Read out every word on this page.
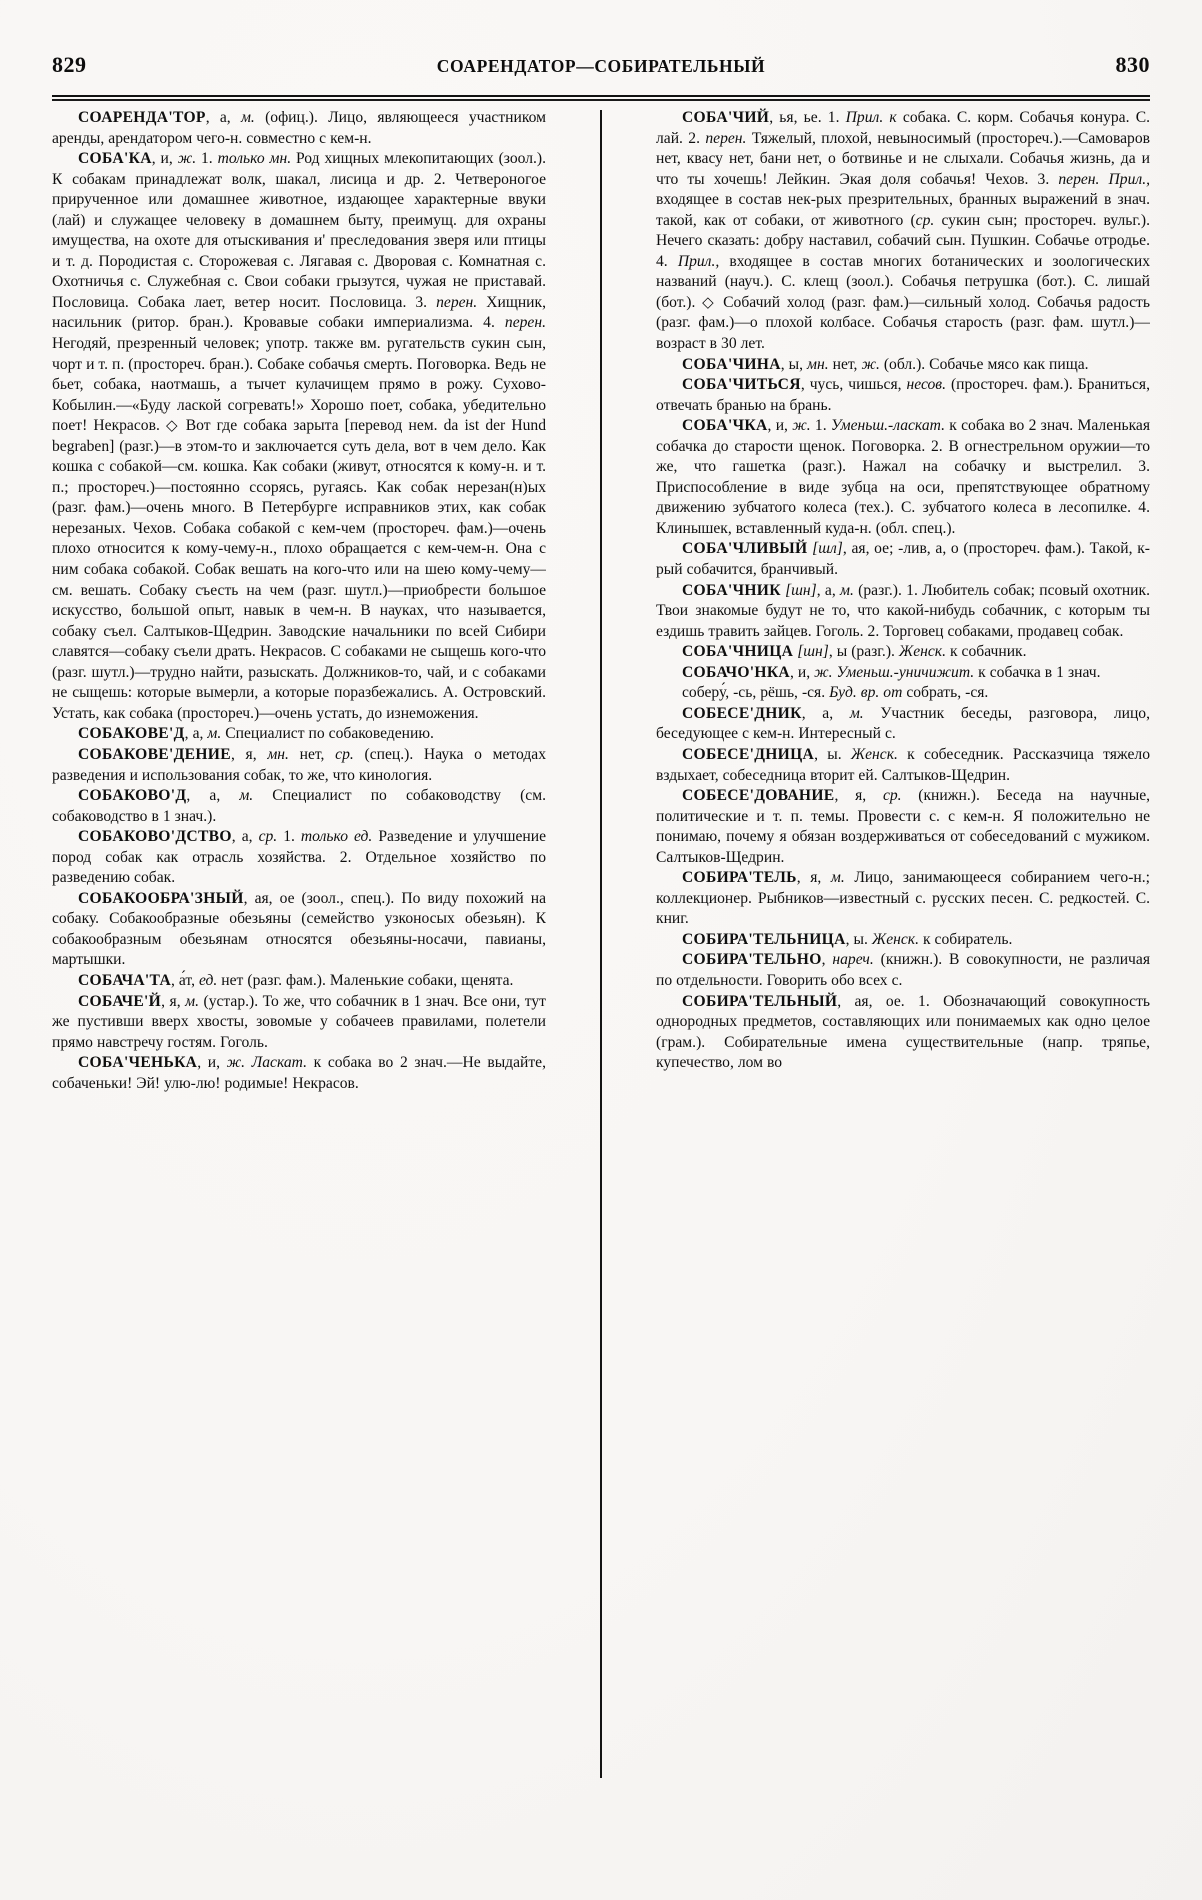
829	СОАРЕНДАТОР—СОБИРАТЕЛЬНЫЙ	830

СОАРЕНДА'ТОР, а, м. (офиц.). Лицо, являющееся участником аренды, арендатором чего-н. совместно с кем-н.

СОБА'КА, и, ж. 1. только мн. Род хищных млекопитающих (зоол.). К собакам принадлежат волк, шакал, лисица и др. 2. Четвероногое прирученное или домашнее животное, издающее характерные ввуки (лай) и служащее человеку в домашнем быту, преимущ. для охраны имущества, на охоте для отыскивания и' преследования зверя или птицы и т. д. Породистая с. Сторожевая с. Лягавая с. Дворовая с. Комнатная с. Охотничья с. Служебная с. Свои собаки грызутся, чужая не приставай. Пословица. Собака лает, ветер носит. Пословица. 3. перен. Хищник, насильник (ритор. бран.). Кровавые собаки империализма. 4. перен. Негодяй, презренный человек; употр. также вм. ругательств сукин сын, чорт и т. п. (простореч. бран.). Собаке собачья смерть. Поговорка. Ведь не бьет, собака, наотмашь, а тычет кулачищем прямо в рожу. Сухово-Кобылин.—«Буду лаской согревать!» Хорошо поет, собака, убедительно поет! Некрасов. ◇ Вот где собака зарыта [перевод нем. da ist der Hund begraben] (разг.)—в этом-то и заключается суть дела, вот в чем дело. Как кошка с собакой—см. кошка. Как собаки (живут, относятся к кому-н. и т. п.; простореч.)—постоянно ссорясь, ругаясь. Как собак нерезан(н)ых (разг. фам.)—очень много. В Петербурге исправников этих, как собак нерезаных. Чехов. Собака собакой с кем-чем (простореч. фам.)—очень плохо относится к кому-чему-н., плохо обращается с кем-чем-н. Она с ним собака собакой. Собак вешать на кого-что или на шею кому-чему—см. вешать. Собаку съесть на чем (разг. шутл.)—приобрести большое искусство, большой опыт, навык в чем-н. В науках, что называется, собаку съел. Салтыков-Щедрин. Заводские начальники по всей Сибири славятся—собаку съели драть. Некрасов. С собаками не сыщешь кого-что (разг. шутл.)—трудно найти, разыскать. Должников-то, чай, и с собаками не сыщешь: которые вымерли, а которые поразбежались. А. Островский. Устать, как собака (простореч.)—очень устать, до изнеможения.

СОБАКОВЕ'Д, а, м. Специалист по собаковедению.

СОБАКОВЕ'ДЕНИЕ, я, мн. нет, ср. (спец.). Наука о методах разведения и использования собак, то же, что кинология.

СОБАКОВО'Д, а, м. Специалист по собаководству (см. собаководство в 1 знач.).

СОБАКОВО'ДСТВО, а, ср. 1. только ед. Разведение и улучшение пород собак как отрасль хозяйства. 2. Отдельное хозяйство по разведению собак.

СОБАКООБРА'ЗНЫЙ, ая, ое (зоол., спец.). По виду похожий на собаку. Собакообразные обезьяны (семейство узконосых обезьян). К собакообразным обезьянам относятся обезьяны-носачи, павианы, мартышки.

СОБАЧА'ТА, а́т, ед. нет (разг. фам.). Маленькие собаки, щенята.

СОБАЧЕ'Й, я, м. (устар.). То же, что собачник в 1 знач. Все они, тут же пустивши вверх хвосты, зовомые у собачеев правилами, полетели прямо навстречу гостям. Гоголь.

СОБА'ЧЕНЬКА, и, ж. Ласкат. к собака во 2 знач.—Не выдайте, собаченьки! Эй! улю-лю! родимые! Некрасов.

СОБА'ЧИЙ, ья, ье. 1. Прил. к собака. С. корм. Собачья конура. С. лай. 2. перен. Тяжелый, плохой, невыносимый (простореч.).—Самоваров нет, квасу нет, бани нет, о ботвинье и не слыхали. Собачья жизнь, да и что ты хочешь! Лейкин. Экая доля собачья! Чехов. 3. перен. Прил., входящее в состав нек-рых презрительных, бранных выражений в знач. такой, как от собаки, от животного (ср. сукин сын; простореч. вульг.). Нечего сказать: добру наставил, собачий сын. Пушкин. Собачье отродье. 4. Прил., входящее в состав многих ботанических и зоологических названий (науч.). С. клещ (зоол.). Собачья петрушка (бот.). С. лишай (бот.). ◇ Собачий холод (разг. фам.)—сильный холод. Собачья радость (разг. фам.)—о плохой колбасе. Собачья старость (разг. фам. шутл.)—возраст в 30 лет.

СОБА'ЧИНА, ы, мн. нет, ж. (обл.). Собачье мясо как пища.

СОБА'ЧИТЬСЯ, чусь, чишься, несов. (простореч. фам.). Браниться, отвечать бранью на брань.

СОБА'ЧКА, и, ж. 1. Уменьш.-ласкат. к собака во 2 знач. Маленькая собачка до старости щенок. Поговорка. 2. В огнестрельном оружии—то же, что гашетка (разг.). Нажал на собачку и выстрелил. 3. Приспособление в виде зубца на оси, препятствующее обратному движению зубчатого колеса (тех.). С. зубчатого колеса в лесопилке. 4. Клинышек, вставленный куда-н. (обл. спец.).

СОБА'ЧЛИВЫЙ [шл], ая, ое; -лив, а, о (простореч. фам.). Такой, к-рый собачится, бранчивый.

СОБА'ЧНИК [шн], а, м. (разг.). 1. Любитель собак; псовый охотник. Твои знакомые будут не то, что какой-нибудь собачник, с которым ты ездишь травить зайцев. Гоголь. 2. Торговец собаками, продавец собак.

СОБА'ЧНИЦА [шн], ы (разг.). Женск. к собачник.

СОБАЧО'НКА, и, ж. Уменьш.-уничижит. к собачка в 1 знач.

соберу́, -сь, рёшь, -ся. Буд. вр. от собрать, -ся.

СОБЕСЕ'ДНИК, а, м. Участник беседы, разговора, лицо, беседующее с кем-н. Интересный с.

СОБЕСЕ'ДНИЦА, ы. Женск. к собеседник. Рассказчица тяжело вздыхает, собеседница вторит ей. Салтыков-Щедрин.

СОБЕСЕ'ДОВАНИЕ, я, ср. (книжн.). Беседа на научные, политические и т. п. темы. Провести с. с кем-н. Я положительно не понимаю, почему я обязан воздерживаться от собеседований с мужиком. Салтыков-Щедрин.

СОБИРА'ТЕЛЬ, я, м. Лицо, занимающееся собиранием чего-н.; коллекционер. Рыбников—известный с. русских песен. С. редкостей. С. книг.

СОБИРА'ТЕЛЬНИЦА, ы. Женск. к собиратель.

СОБИРА'ТЕЛЬНО, нареч. (книжн.). В совокупности, не различая по отдельности. Говорить обо всех с.

СОБИРА'ТЕЛЬНЫЙ, ая, ое. 1. Обозначающий совокупность однородных предметов, составляющих или понимаемых как одно целое (грам.). Собирательные имена существительные (напр. тряпье, купечество, лом во
